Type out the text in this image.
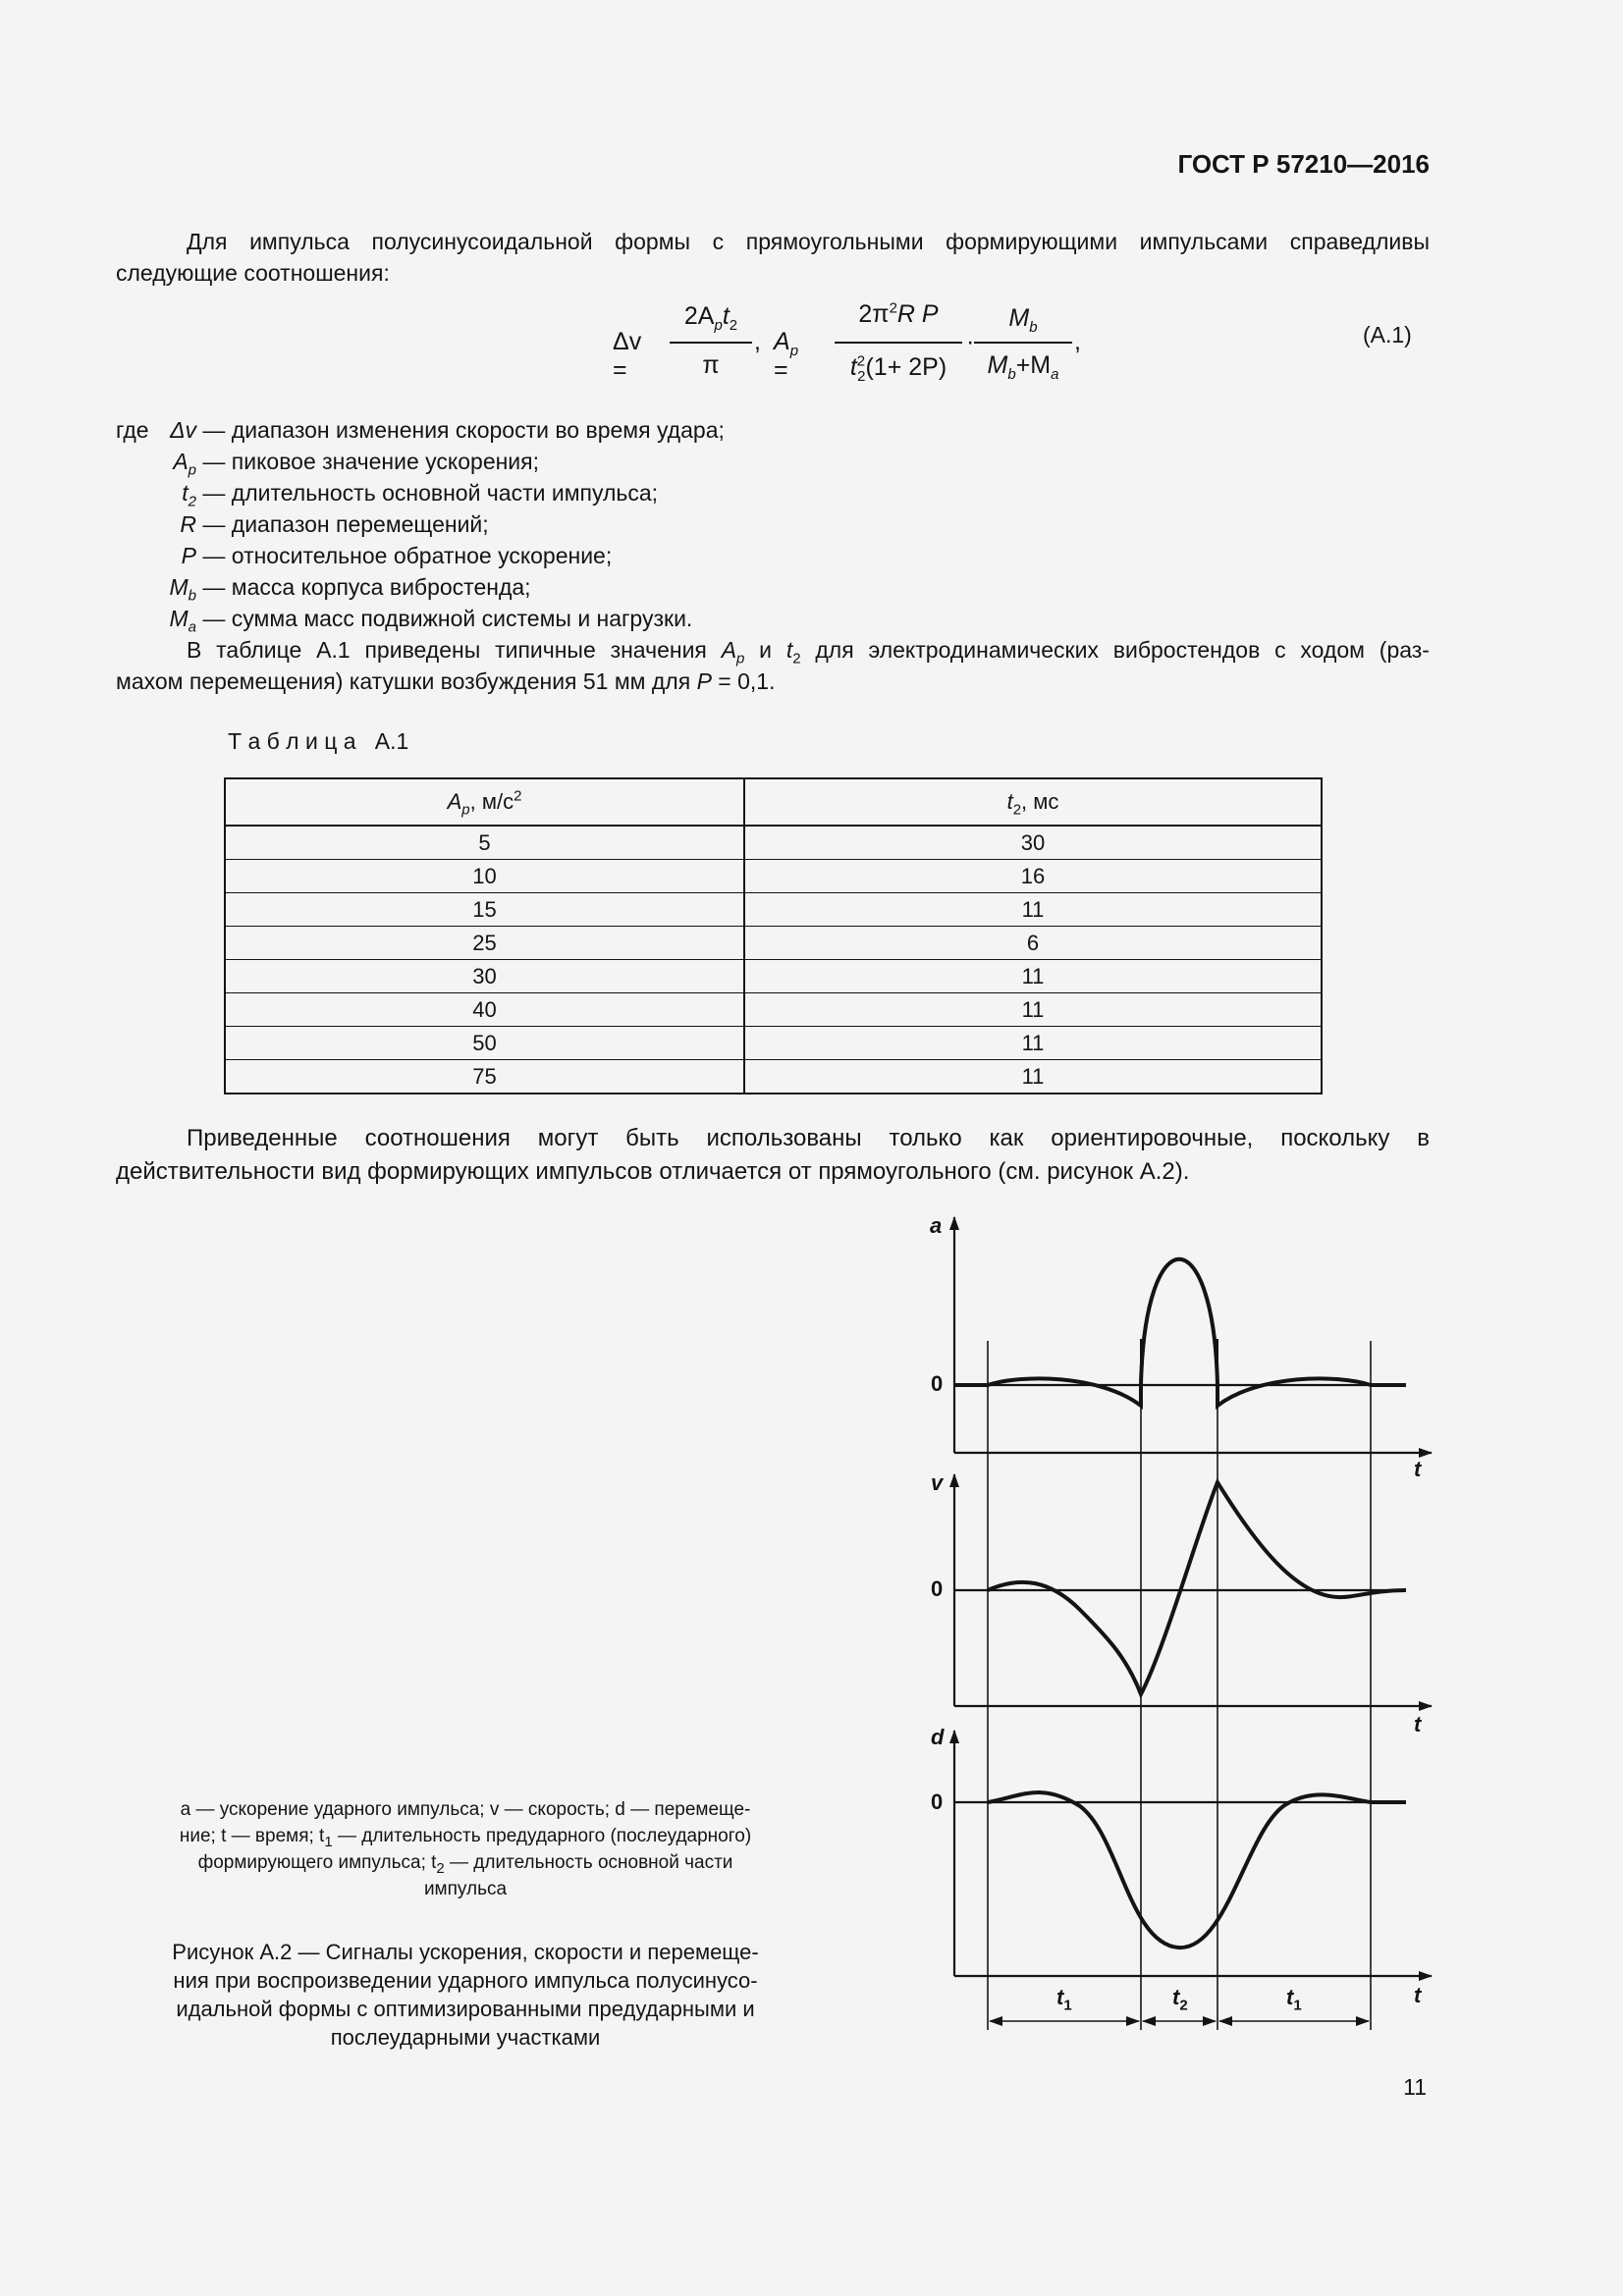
ГОСТ Р 57210—2016
Для импульса полусинусоидальной формы с прямоугольными формирующими импульсами справедливы следующие соотношения:
Δv =
$2A_pt_2$
π
, $A_p$ =
$2\pi^2R$ P
$t^2_2(1+ 2P)$
·
$M_b$
$M_b+M_a$
,	(A.1)
где Δv — диапазон изменения скорости во время удара;
$A_p$ — пиковое значение ускорения;
$t_2$ — длительность основной части импульса;
R — диапазон перемещений;
P — относительное обратное ускорение;
$M_b$ — масса корпуса вибростенда;
$M_a$ — сумма масс подвижной системы и нагрузки.
В таблице А.1 приведены типичные значения $A_p$ и $t_2$ для электродинамических вибростендов с ходом (раз-
махом перемещения) катушки возбуждения 51 мм для P = 0,1.
Т а б л и ц а   А.1
$A_p$, $м/с^2$	$t_2$, мс
5	30
10	16
15	11
25	6
30	11
40	11
50	11
75	11
Приведенные соотношения могут быть использованы только как ориентировочные, поскольку в
действительности вид формирующих импульсов отличается от прямоугольного (см. рисунок А.2).
a
v
d
0
0
0
t
t
t
$t_1$	$t_2$	$t_1$
a — ускорение ударного импульса; v — скорость; d — перемеще-
ние; t — время; $t_1$ — длительность предударного (послеударного)
формирующего импульса; $t_2$ — длительность основной части
импульса
Рисунок А.2 — Сигналы ускорения, скорости и перемеще-
ния при воспроизведении ударного импульса полусинусо-
идальной формы с оптимизированными предударными и
послеударными участками
11
